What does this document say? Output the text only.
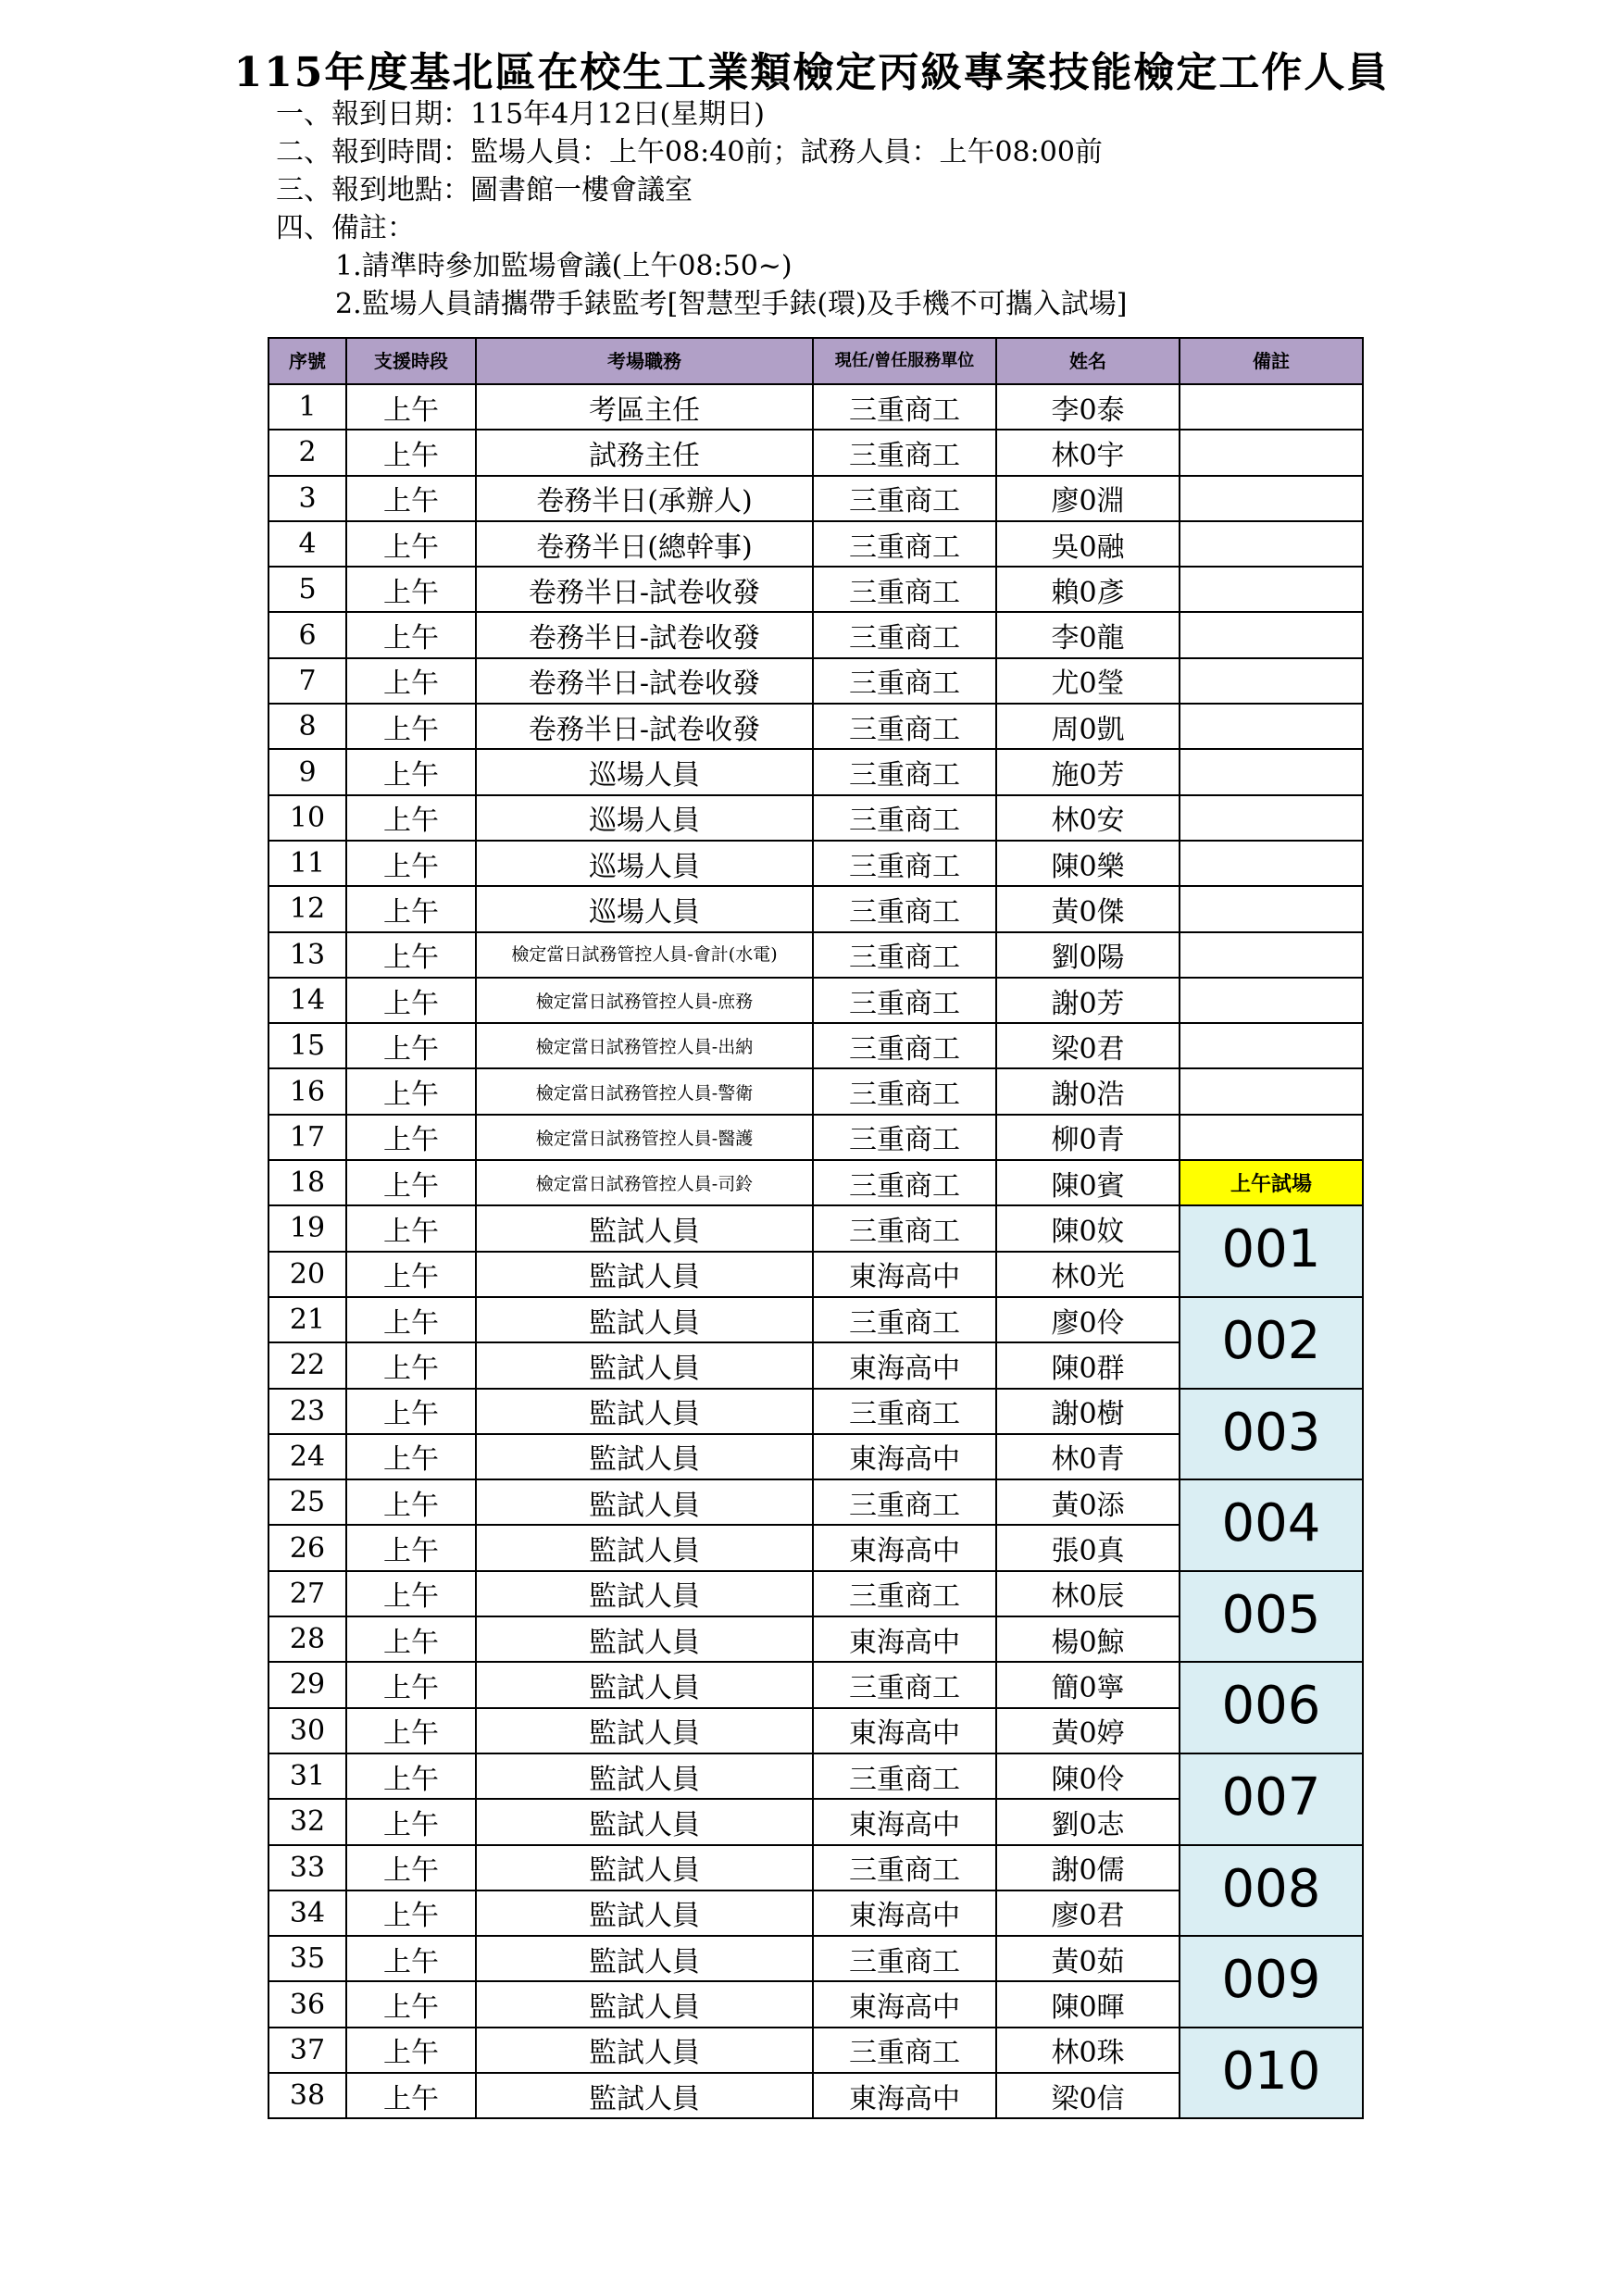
115年度基北區在校生工業類檢定丙級專案技能檢定工作人員
一、報到日期：115年4月12日(星期日)
二、報到時間：監場人員：上午08:40前；試務人員：上午08:00前
三、報到地點：圖書館一樓會議室
四、備註：
1.請準時參加監場會議(上午08:50~)
2.監場人員請攜帶手錶監考[智慧型手錶(環)及手機不可攜入試場]
序號	支援時段	考場職務	現任/曾任服務單位	姓名	備註
1	上午	考區主任	三重商工	李0泰	
2	上午	試務主任	三重商工	林0宇	
3	上午	卷務半日(承辦人)	三重商工	廖0淵	
4	上午	卷務半日(總幹事)	三重商工	吳0融	
5	上午	卷務半日-試卷收發	三重商工	賴0彥	
6	上午	卷務半日-試卷收發	三重商工	李0龍	
7	上午	卷務半日-試卷收發	三重商工	尤0瑩	
8	上午	卷務半日-試卷收發	三重商工	周0凱	
9	上午	巡場人員	三重商工	施0芳	
10	上午	巡場人員	三重商工	林0安	
11	上午	巡場人員	三重商工	陳0樂	
12	上午	巡場人員	三重商工	黃0傑	
13	上午	檢定當日試務管控人員-會計(水電)	三重商工	劉0陽	
14	上午	檢定當日試務管控人員-庶務	三重商工	謝0芳	
15	上午	檢定當日試務管控人員-出納	三重商工	梁0君	
16	上午	檢定當日試務管控人員-警衛	三重商工	謝0浩	
17	上午	檢定當日試務管控人員-醫護	三重商工	柳0青	
18	上午	檢定當日試務管控人員-司鈴	三重商工	陳0賓	上午試場
19	上午	監試人員	三重商工	陳0妏	001

20	上午	監試人員	東海高中	林0光	
21	上午	監試人員	三重商工	廖0伶	002

22	上午	監試人員	東海高中	陳0群	
23	上午	監試人員	三重商工	謝0樹	003

24	上午	監試人員	東海高中	林0青	
25	上午	監試人員	三重商工	黃0添	004

26	上午	監試人員	東海高中	張0真	
27	上午	監試人員	三重商工	林0辰	005

28	上午	監試人員	東海高中	楊0鯨	
29	上午	監試人員	三重商工	簡0寧	006

30	上午	監試人員	東海高中	黃0婷	
31	上午	監試人員	三重商工	陳0伶	007

32	上午	監試人員	東海高中	劉0志	
33	上午	監試人員	三重商工	謝0儒	008

34	上午	監試人員	東海高中	廖0君	
35	上午	監試人員	三重商工	黃0茹	009

36	上午	監試人員	東海高中	陳0暉	
37	上午	監試人員	三重商工	林0珠	010

38	上午	監試人員	東海高中	梁0信	
